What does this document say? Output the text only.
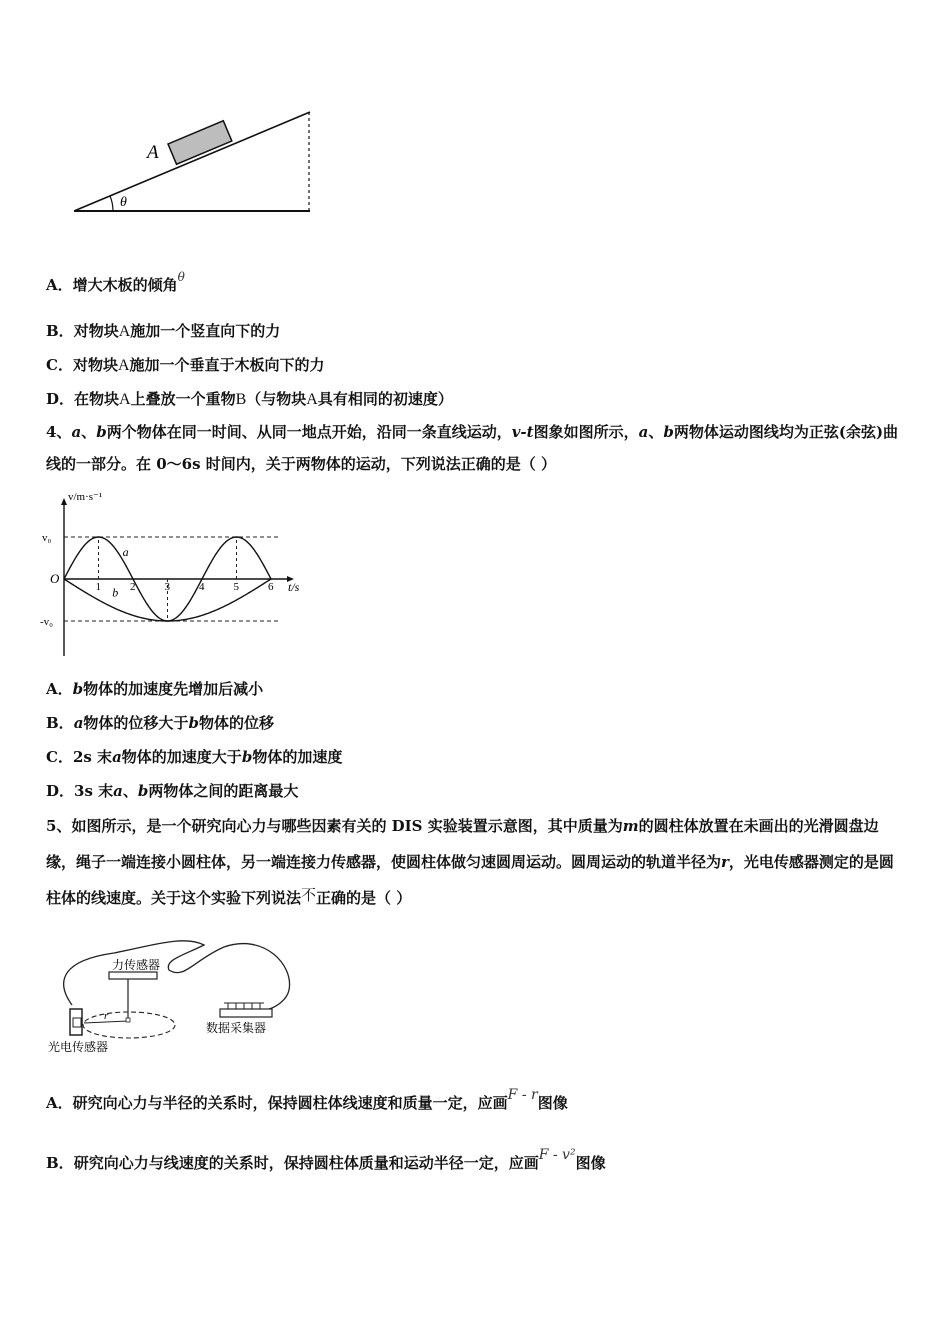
θ
A
A．增大木板的倾角$^\theta$
B．对物块A施加一个竖直向下的力
C．对物块A施加一个垂直于木板向下的力
D．在物块A上叠放一个重物B（与物块A具有相同的初速度）
4、a、b两个物体在同一时间、从同一地点开始，沿同一条直线运动，v-t图象如图所示，a、b两物体运动图线均为正弦(余弦)曲线的一部分。在 0～6s 时间内，关于两物体的运动，下列说法正确的是（ ）
v/m·s⁻¹
t/s
O
v₀
-v₀
1	2	3	4	5	6
a
b
A．b物体的加速度先增加后减小
B．a物体的位移大于b物体的位移
C．2s 末a物体的加速度大于b物体的加速度
D．3s 末a、b两物体之间的距离最大
5、如图所示，是一个研究向心力与哪些因素有关的 DIS 实验装置示意图，其中质量为m的圆柱体放置在未画出的光滑圆盘边缘，绳子一端连接小圆柱体，另一端连接力传感器，使圆柱体做匀速圆周运动。圆周运动的轨道半径为r，光电传感器测定的是圆柱体的线速度。关于这个实验下列说法不正确的是（ ）
力传感器
r
光电传感器
数据采集器
A．研究向心力与半径的关系时，保持圆柱体线速度和质量一定，应画F - r图像
B．研究向心力与线速度的关系时，保持圆柱体质量和运动半径一定，应画F - v²图像
